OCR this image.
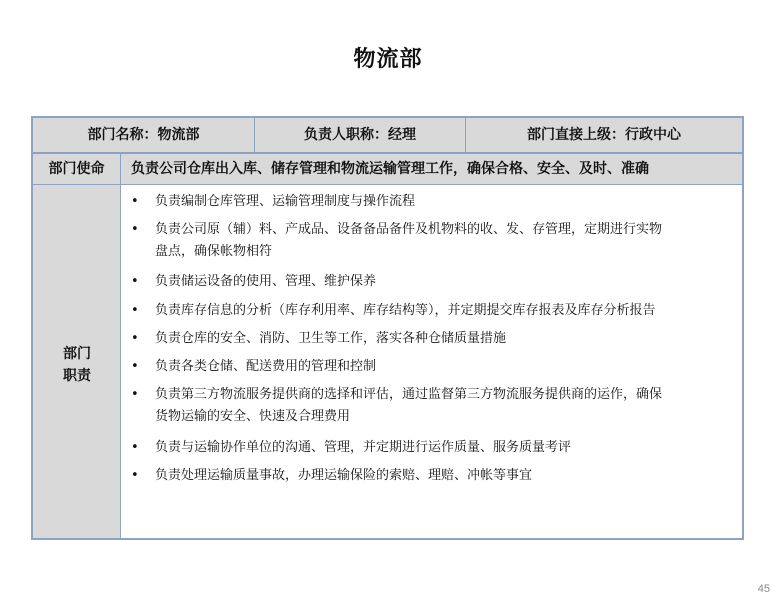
物流部
部门名称：物流部	负责人职称：经理	部门直接上级：行政中心
部门使命	负责公司仓库出入库、储存管理和物流运输管理工作，确保合格、安全、及时、准确
部门
职责
• 负责编制仓库管理、运输管理制度与操作流程
• 负责公司原（辅）料、产成品、设备备品备件及机物料的收、发、存管理，定期进行实物
盘点，确保帐物相符
• 负责储运设备的使用、管理、维护保养
• 负责库存信息的分析（库存利用率、库存结构等），并定期提交库存报表及库存分析报告
• 负责仓库的安全、消防、卫生等工作，落实各种仓储质量措施
• 负责各类仓储、配送费用的管理和控制
• 负责第三方物流服务提供商的选择和评估，通过监督第三方物流服务提供商的运作，确保
货物运输的安全、快速及合理费用
• 负责与运输协作单位的沟通、管理，并定期进行运作质量、服务质量考评
• 负责处理运输质量事故，办理运输保险的索赔、理赔、冲帐等事宜
45
